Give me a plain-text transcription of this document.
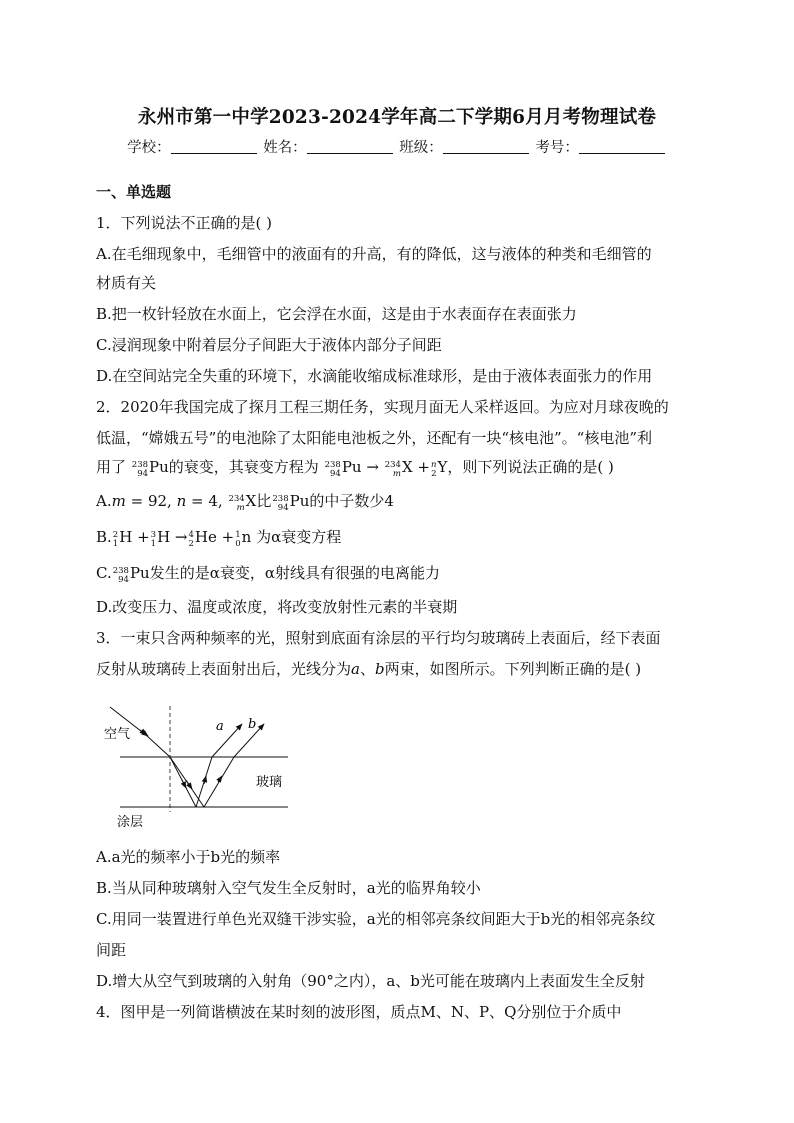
永州市第一中学2023-2024学年高二下学期6月月考物理试卷
学校：	姓名：	班级：	考号：
一、单选题
1．下列说法不正确的是( )
A.在毛细现象中，毛细管中的液面有的升高，有的降低，这与液体的种类和毛细管的
材质有关
B.把一枚针轻放在水面上，它会浮在水面，这是由于水表面存在表面张力
C.浸润现象中附着层分子间距大于液体内部分子间距
D.在空间站完全失重的环境下，水滴能收缩成标准球形，是由于液体表面张力的作用
2．2020年我国完成了探月工程三期任务，实现月面无人采样返回。为应对月球夜晚的
低温，“嫦娥五号”的电池除了太阳能电池板之外，还配有一块“核电池”。“核电池”利
用了 238
94 Pu的衰变，其衰变方程为 238
94 Pu → 234
m X + n
2 Y，则下列说法正确的是( )
A.m = 92, n = 4, 234
m X比 238
94 Pu的中子数少4
B. 2
1 H + 3
1 H → 4
2 He + 1
0 n 为α衰变方程
C. 238
94 Pu发生的是α衰变，α射线具有很强的电离能力
D.改变压力、温度或浓度，将改变放射性元素的半衰期
3．一束只含两种频率的光，照射到底面有涂层的平行均匀玻璃砖上表面后，经下表面
反射从玻璃砖上表面射出后，光线分为a、b两束，如图所示。下列判断正确的是( )
空气
玻璃
涂层
a b
A.a光的频率小于b光的频率
B.当从同种玻璃射入空气发生全反射时，a光的临界角较小
C.用同一装置进行单色光双缝干涉实验，a光的相邻亮条纹间距大于b光的相邻亮条纹
间距
D.增大从空气到玻璃的入射角（90°之内），a、b光可能在玻璃内上表面发生全反射
4．图甲是一列简谐横波在某时刻的波形图，质点M、N、P、Q分别位于介质中
